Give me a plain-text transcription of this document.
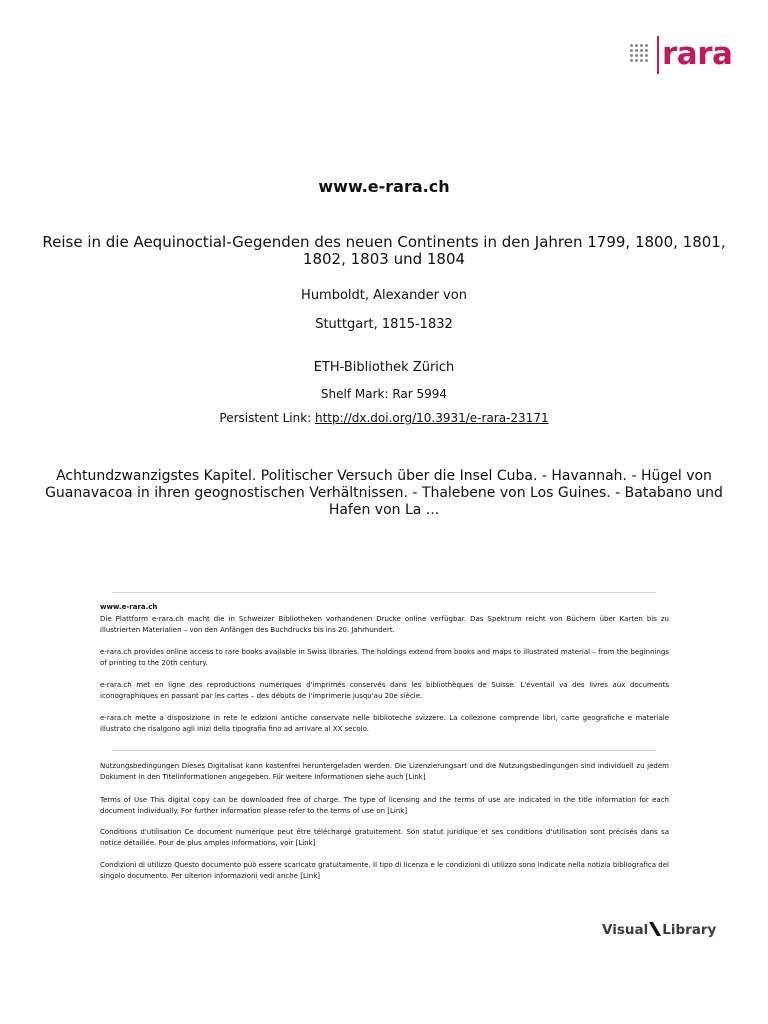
rara
www.e-rara.ch
Reise in die Aequinoctial-Gegenden des neuen Continents in den Jahren 1799, 1800, 1801, 1802, 1803 und 1804
Humboldt, Alexander von
Stuttgart, 1815-1832
ETH-Bibliothek Zürich
Shelf Mark: Rar 5994
Persistent Link: http://dx.doi.org/10.3931/e-rara-23171
Achtundzwanzigstes Kapitel. Politischer Versuch über die Insel Cuba. - Havannah. - Hügel von Guanavacoa in ihren geognostischen Verhältnissen. - Thalebene von Los Guines. - Batabano und Hafen von La ...
www.e-rara.ch
Die Plattform e-rara.ch macht die in Schweizer Bibliotheken vorhandenen Drucke online verfügbar. Das Spektrum reicht von Büchern über Karten bis zu illustrierten Materialien – von den Anfängen des Buchdrucks bis ins 20. Jahrhundert.
e-rara.ch provides online access to rare books available in Swiss libraries. The holdings extend from books and maps to illustrated material – from the beginnings of printing to the 20th century.
e-rara.ch met en ligne des reproductions numériques d'imprimés conservés dans les bibliothèques de Suisse. L'éventail va des livres aux documents iconographiques en passant par les cartes – des débuts de l'imprimerie jusqu'au 20e siècle.
e-rara.ch mette a disposizione in rete le edizioni antiche conservate nelle biblioteche svizzere. La collezione comprende libri, carte geografiche e materiale illustrato che risalgono agli inizi della tipografia fino ad arrivare al XX secolo.
Nutzungsbedingungen Dieses Digitalisat kann kostenfrei heruntergeladen werden. Die Lizenzierungsart und die Nutzungsbedingungen sind individuell zu jedem Dokument in den Titelinformationen angegeben. Für weitere Informationen siehe auch [Link]
Terms of Use This digital copy can be downloaded free of charge. The type of licensing and the terms of use are indicated in the title information for each document individually. For further information please refer to the terms of use on [Link]
Conditions d'utilisation Ce document numérique peut être téléchargé gratuitement. Son statut juridique et ses conditions d'utilisation sont précisés dans sa notice détaillée. Pour de plus amples informations, voir [Link]
Condizioni di utilizzo Questo documento può essere scaricato gratuitamente. Il tipo di licenza e le condizioni di utilizzo sono indicate nella notizia bibliografica del singolo documento. Per ulteriori informazioni vedi anche [Link]
Visual Library
